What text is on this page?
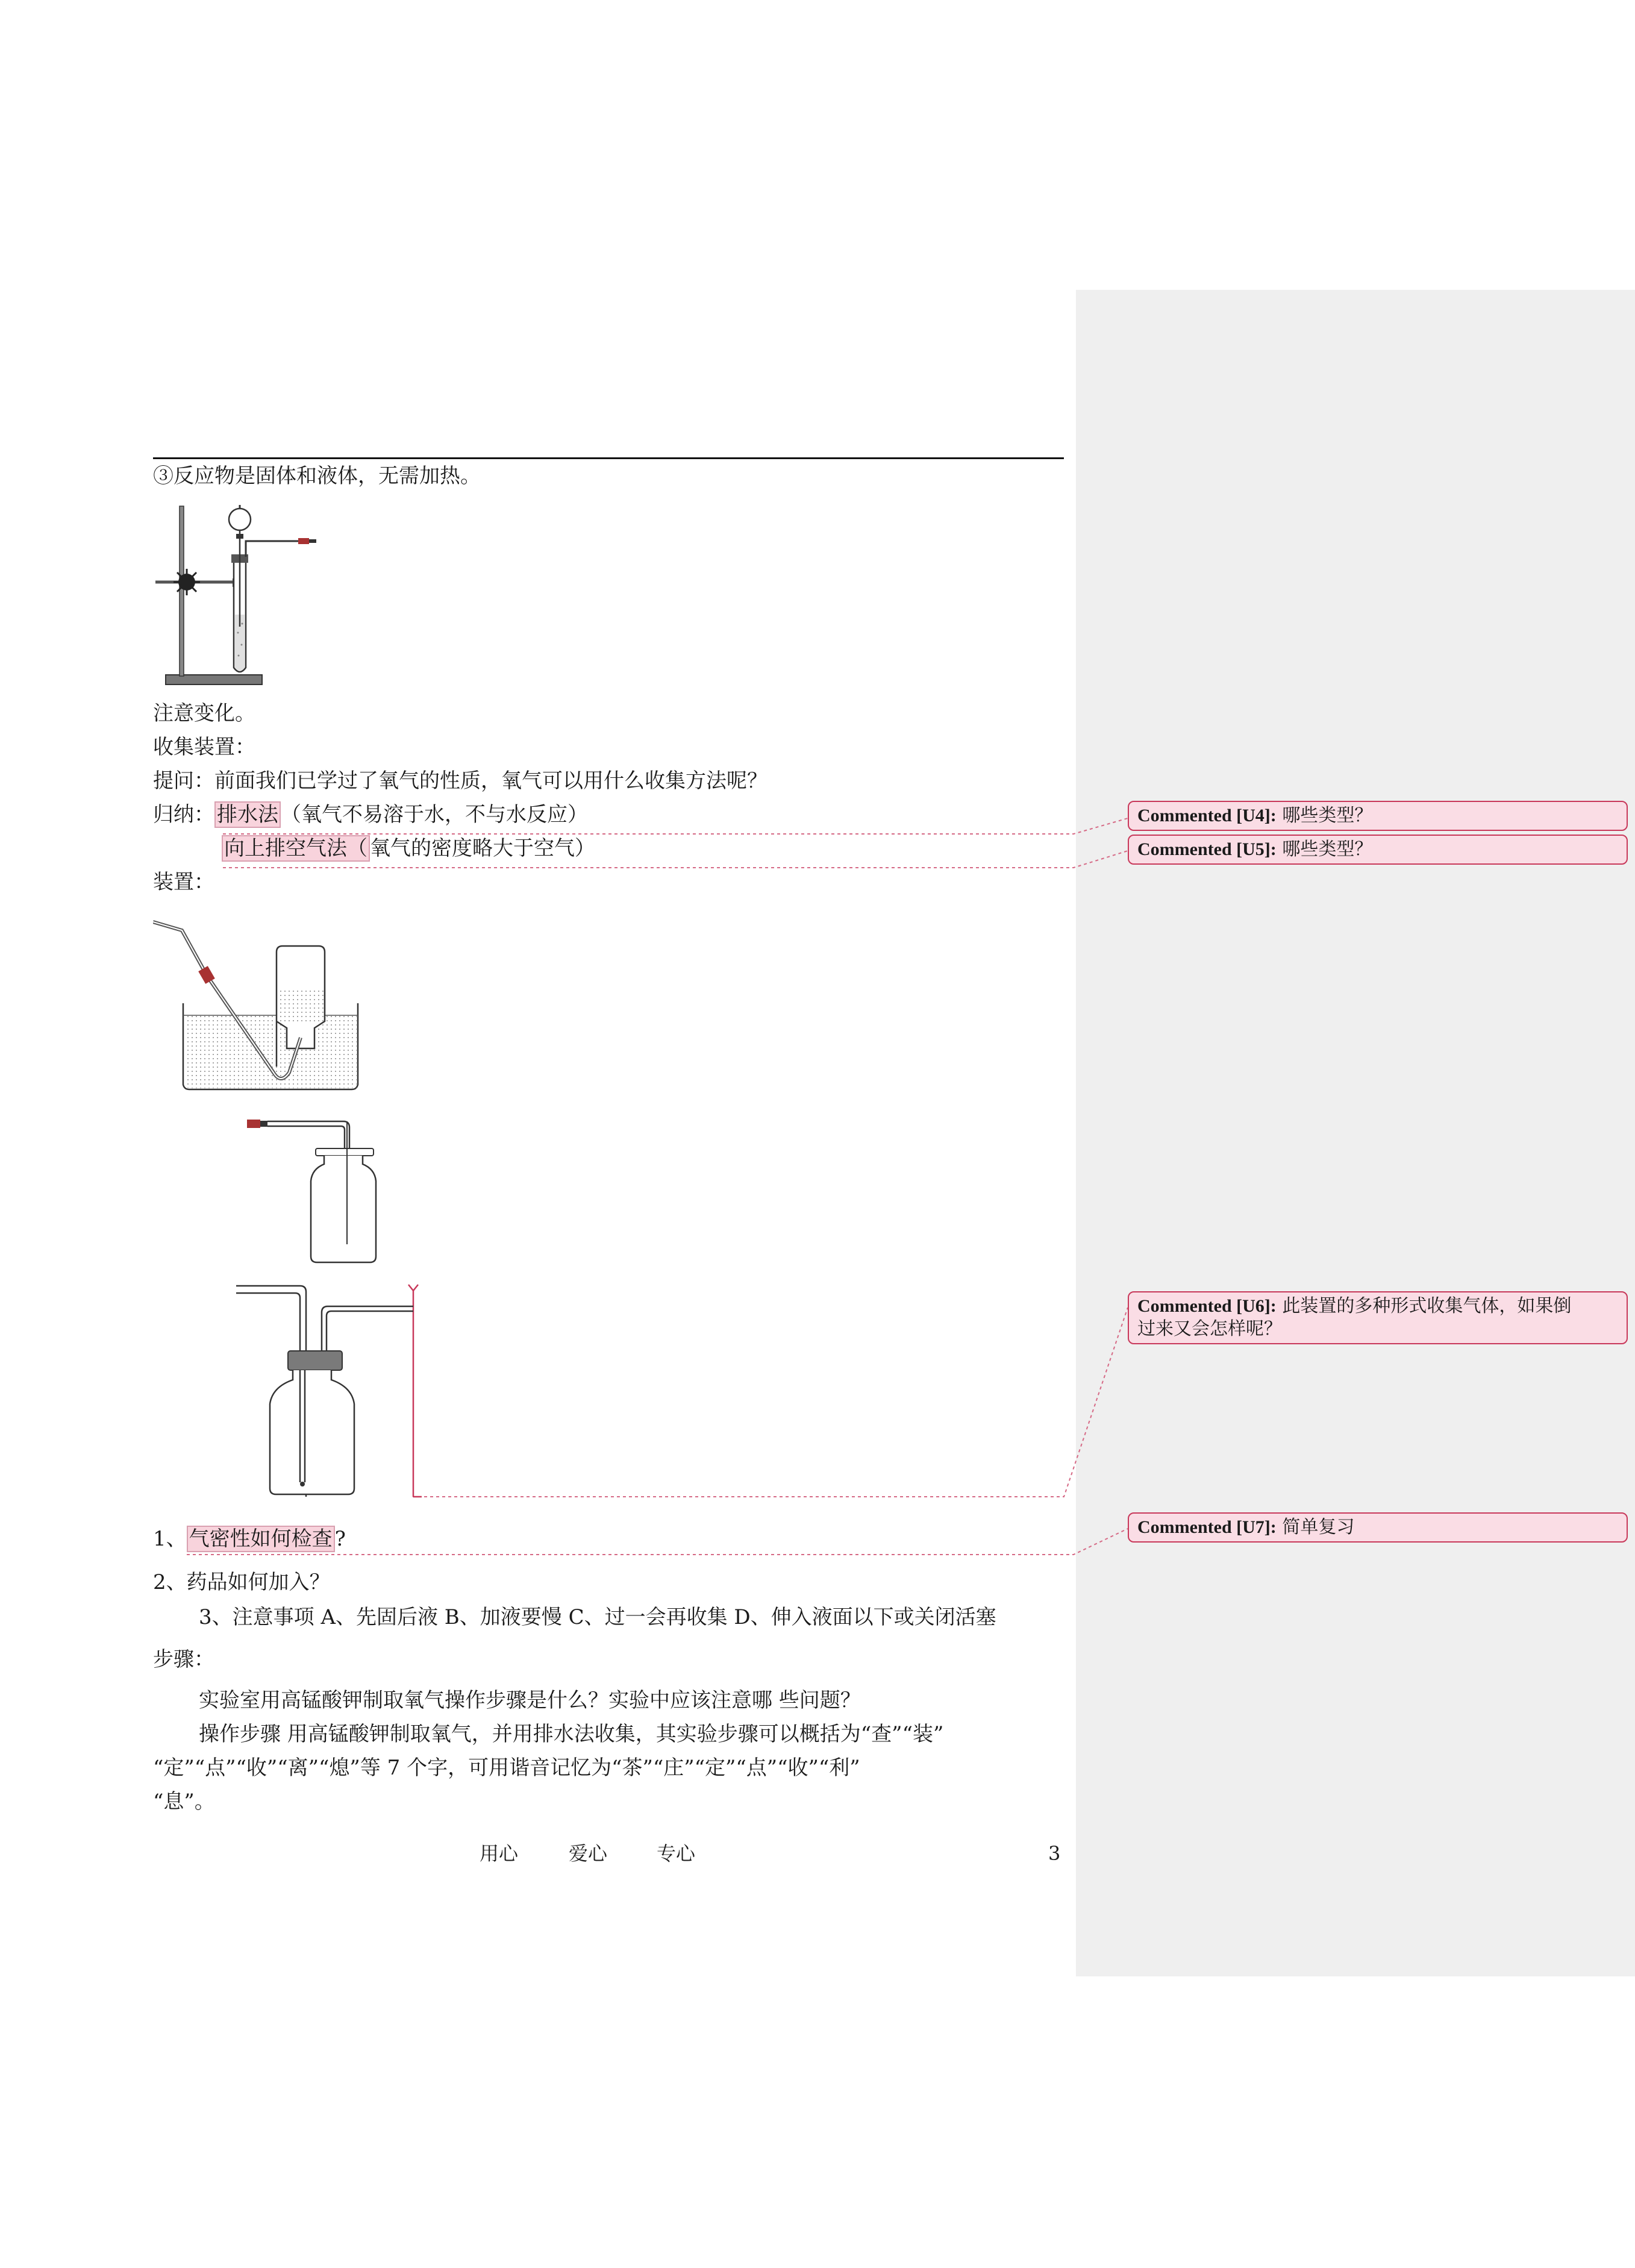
③反应物是固体和液体，无需加热。
注意变化。
收集装置：
提问：前面我们已学过了氧气的性质，氧气可以用什么收集方法呢？
归纳： 排水法 （氧气不易溶于水，不与水反应）
向上排空气法（ 氧气的密度略大于空气）
装置：
1、 气密性如何检查 ?
2、药品如何加入？
3、注意事项 A、先固后液 B、加液要慢 C、过一会再收集 D、伸入液面以下或关闭活塞
步骤：
实验室用高锰酸钾制取氧气操作步骤是什么？实验中应该注意哪 些问题？
操作步骤 用高锰酸钾制取氧气，并用排水法收集，其实验步骤可以概括为“查”“装”
“定”“点”“收”“离”“熄”等 7 个字，可用谐音记忆为“茶”“庄”“定”“点”“收”“利”
“息”。
用心	爱心	专心	3
Commented [U4]: 哪些类型？
Commented [U5]: 哪些类型？
Commented [U6]: 此装置的多种形式收集气体，如果倒
过来又会怎样呢？
Commented [U7]: 简单复习
